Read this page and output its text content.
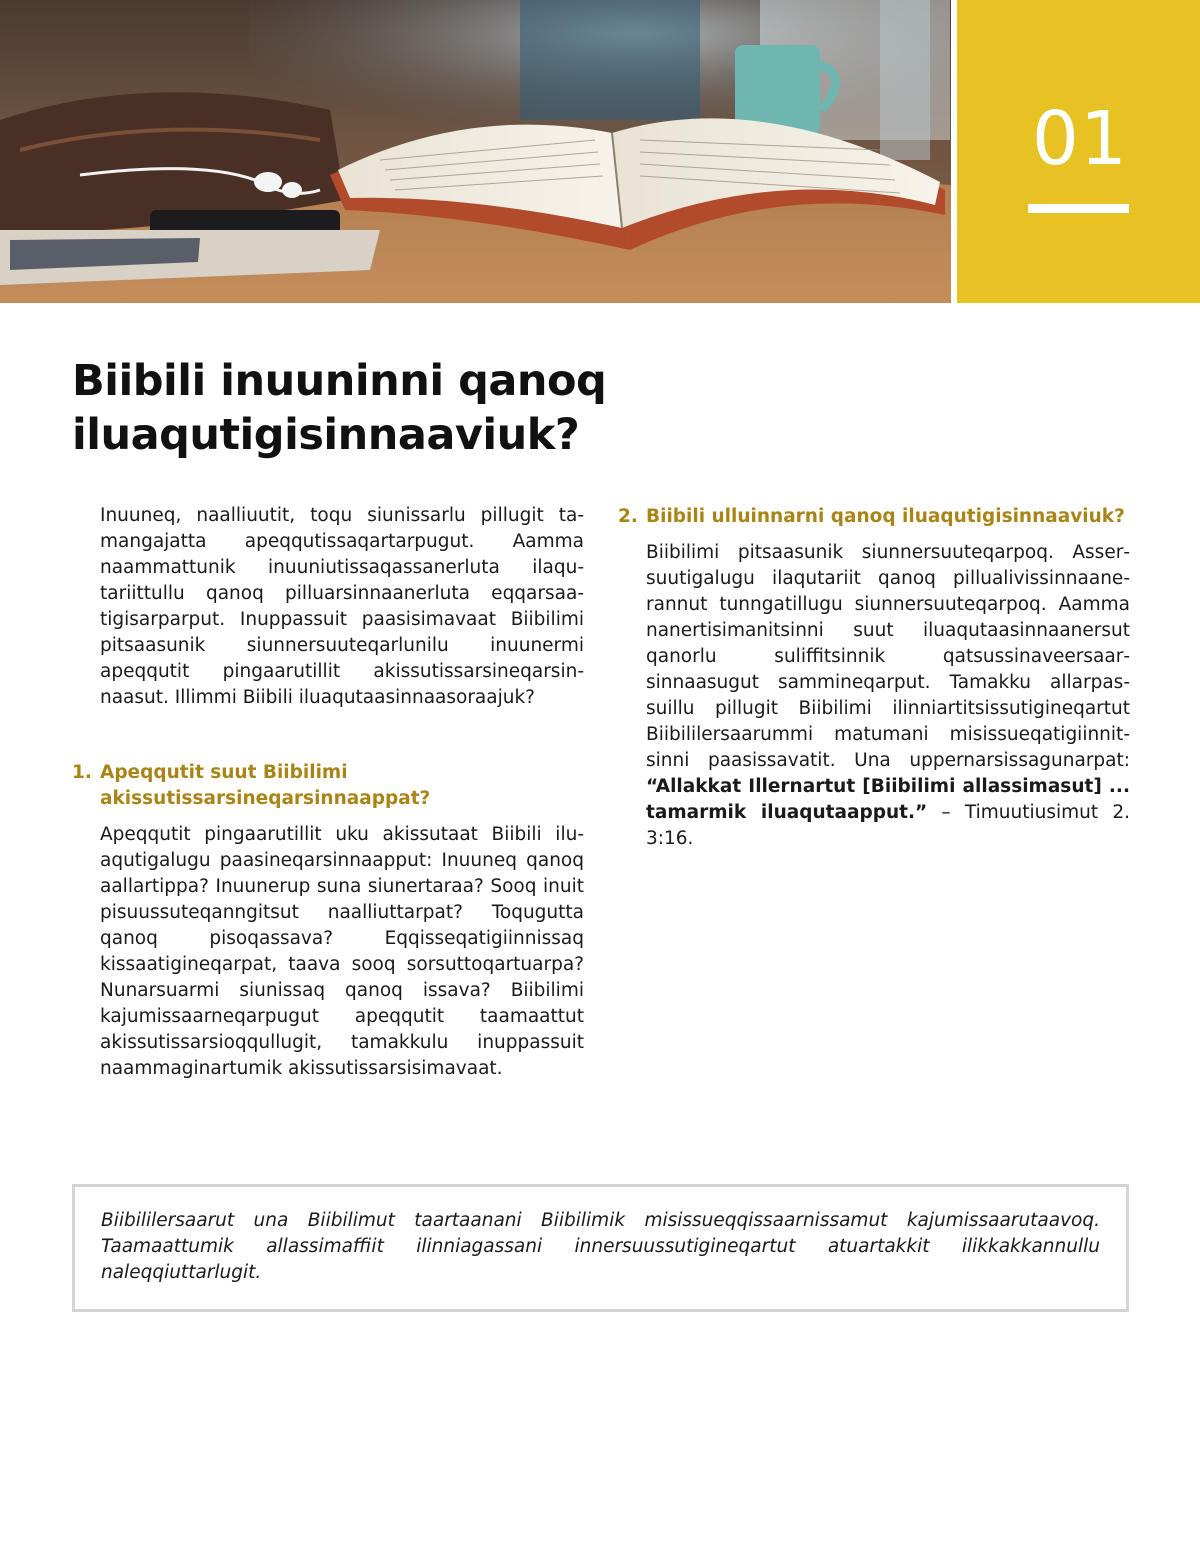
01
Biibili inuuninni qanoq iluaqutigisinnaaviuk?

Inuuneq, naalliuutit, toqu siunissarlu pillugit tamangajatta apeqqutissaqartarpugut. Aamma naammattunik inuuniutissaqassanerluta ilaqutariittullu qanoq pilluarsinnaanerluta eqqarsaatigisarparput. Inuppassuit paasisimavaat Biibilimi pitsaasunik siunnersuuteqarlunilu inuunermi apeqqutit pingaarutillit akissutissarsineqarsinnaasut. Illimmi Biibili iluaqutaasinnaasoraajuk?

1. Apeqqutit suut Biibilimi akissutissarsineqarsinnaappat?

Apeqqutit pingaarutillit uku akissutaat Biibili iluaqutigalugu paasineqarsinnaapput: Inuuneq qanoq aallartippa? Inuunerup suna siunertaraa? Sooq inuit pisuussuteqanngitsut naalliuttarpat? Toqugutta qanoq pisoqassava? Eqqisseqatigiinnissaq kissaatigineqarpat, taava sooq sorsuttoqartuarpa? Nunarsuarmi siunissaq qanoq issava? Biibilimi kajumissaarneqarpugut apeqqutit taamaattut akissutissarsioqqullugit, tamakkulu inuppassuit naammaginartumik akissutissarsisimavaat.

2. Biibili ulluinnarni qanoq iluaqutigisinnaaviuk?

Biibilimi pitsaasunik siunnersuuteqarpoq. Assersuutigalugu ilaqutariit qanoq pillualivissinnaanerannut tunngatillugu siunnersuuteqarpoq. Aamma nanertisimanitsinni suut iluaqutaasinnaanersut qanorlu suliffitsinnik qatsussinaveersaarsinnaasugut sammineqarput. Tamakku allarpassuillu pillugit Biibilimi ilinniartitsissutigineqartut Biibililersaarummi matumani misissueqatigiinnitsinni paasissavatit. Una uppernarsissagunarpat: “Allakkat Illernartut [Biibilimi allassimasut] ... tamarmik iluaqutaapput.” – Timuutiusimut 2. 3:16.

Biibililersaarut una Biibilimut taartaanani Biibilimik misissueqqissaarnissamut kajumissaarutaavoq. Taamaattumik allassimaffiit ilinniagassani innersuussutigineqartut atuartakkit ilikkakkannullu naleqqiuttarlugit.
